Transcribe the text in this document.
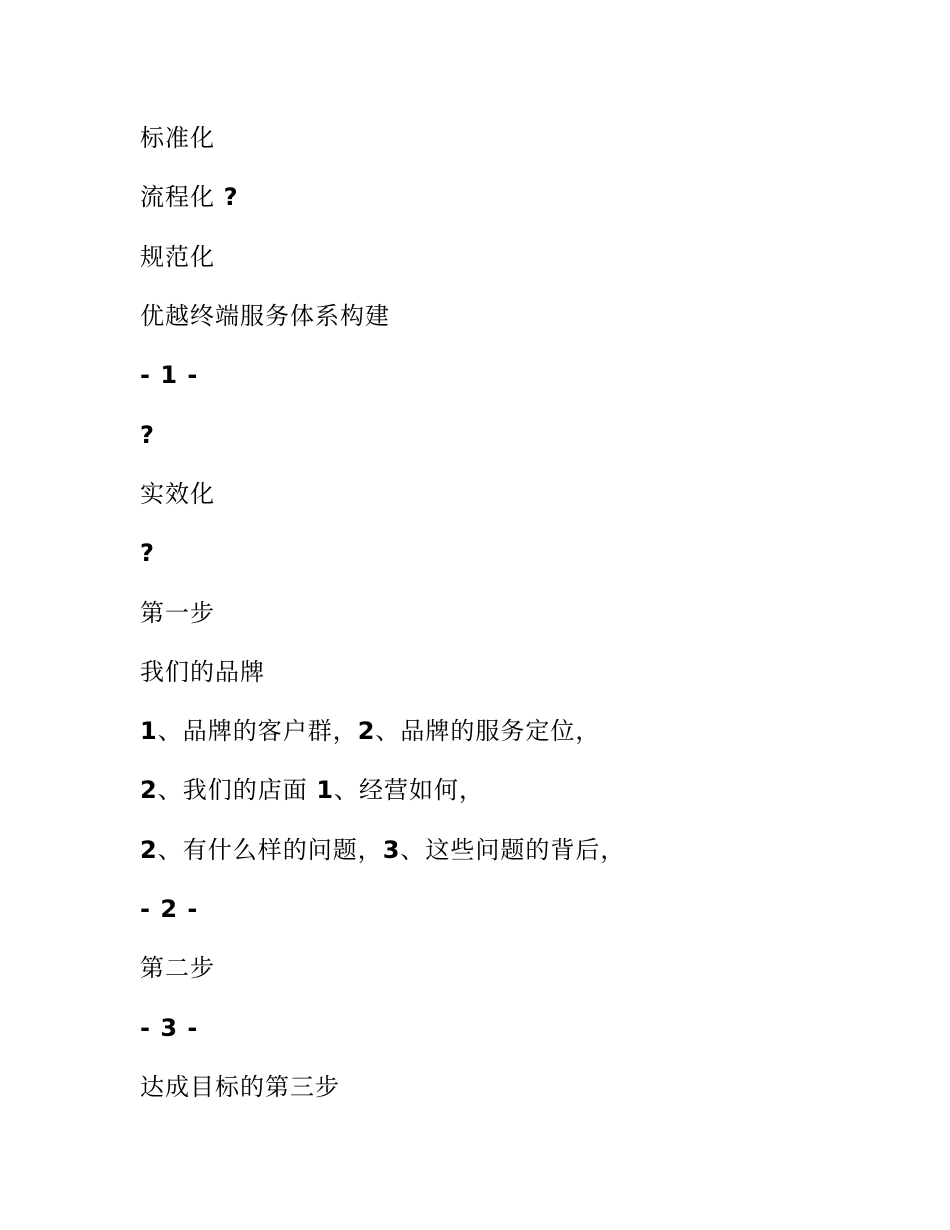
标准化
流程化 ?
规范化
优越终端服务体系构建
- 1 -
?
实效化
?
第一步
我们的品牌
1、品牌的客户群，2、品牌的服务定位，
2、我们的店面 1、经营如何，
2、有什么样的问题，3、这些问题的背后，
- 2 -
第二步
- 3 -
达成目标的第三步
